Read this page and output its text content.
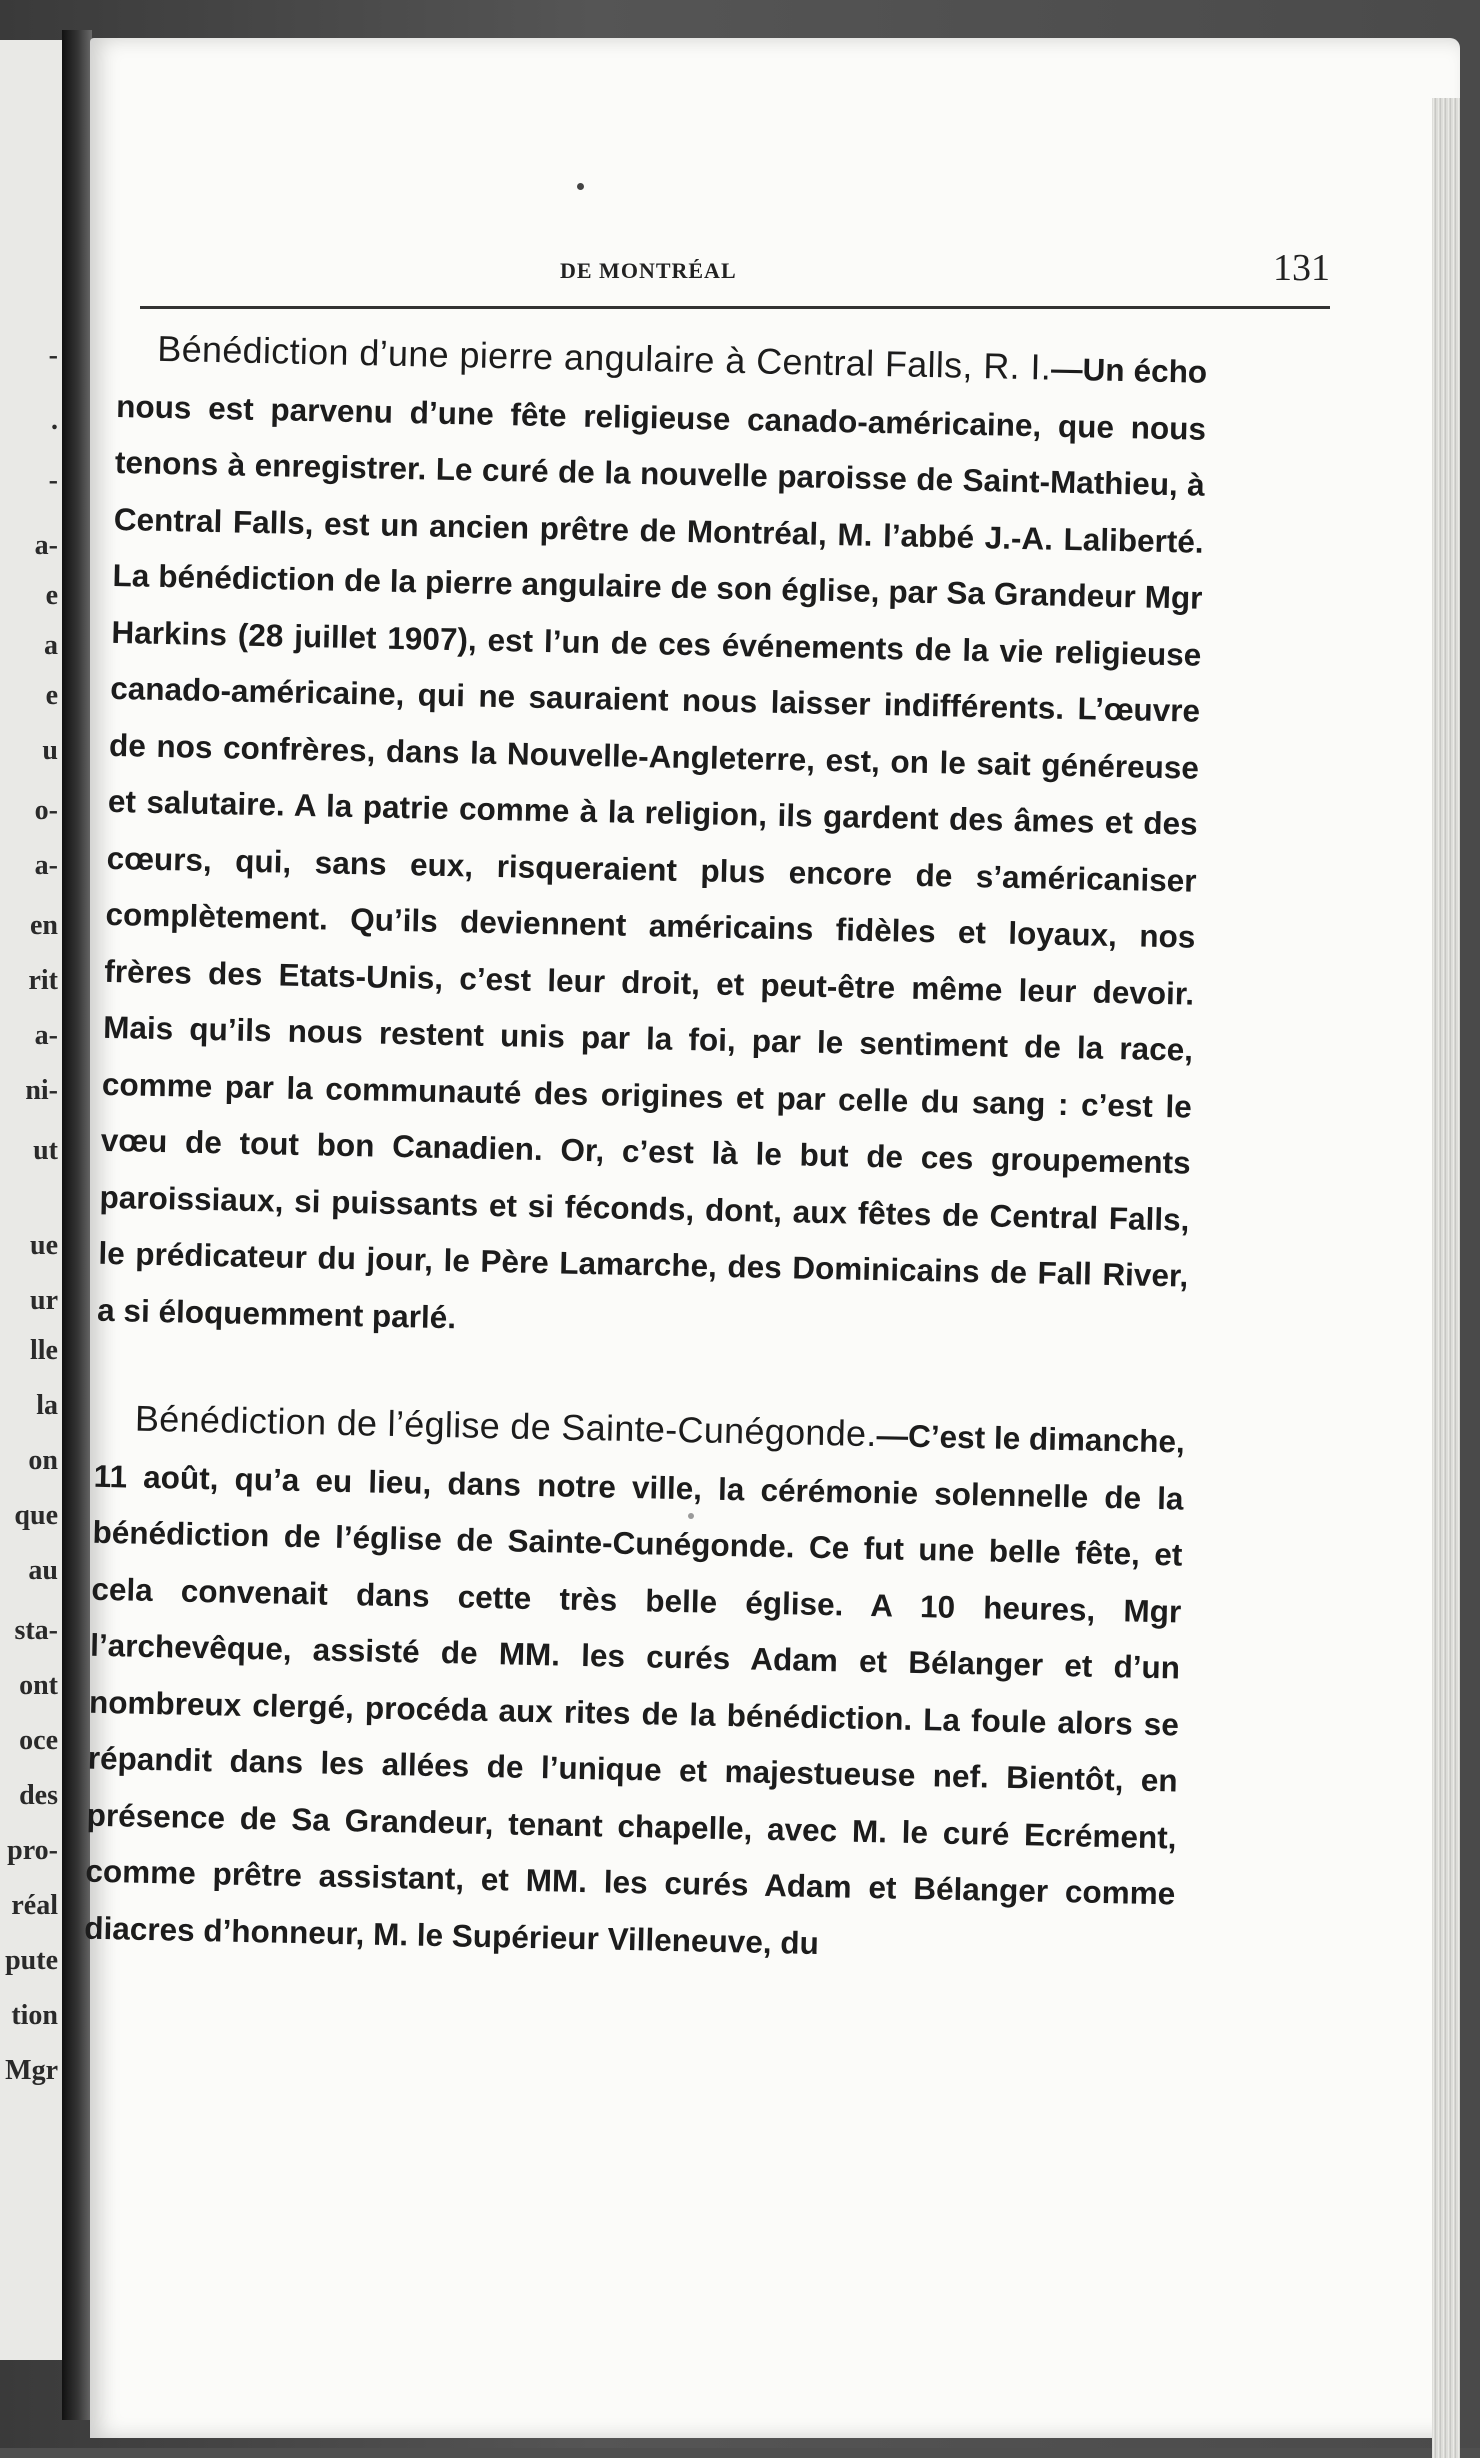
-
.
-
a-
e
a
e
u
o-
a-
en
rit
a-
ni-
ut
ue
ur
lle
la
on
que
au
sta-
ont
oce
des
pro-
réal
pute
tion
Mgr
DE MONTRÉAL	131

Bénédiction d’une pierre angulaire à Central Falls, R. I.—Un écho nous est parvenu d’une fête religieuse canado-américaine, que nous tenons à enregistrer. Le curé de la nouvelle paroisse de Saint-Mathieu, à Central Falls, est un ancien prêtre de Montréal, M. l’abbé J.-A. Laliberté. La bénédiction de la pierre angulaire de son église, par Sa Grandeur Mgr Harkins (28 juillet 1907), est l’un de ces événements de la vie religieuse canado-américaine, qui ne sauraient nous laisser indifférents. L’œuvre de nos confrères, dans la Nouvelle-Angleterre, est, on le sait généreuse et salutaire. A la patrie comme à la religion, ils gardent des âmes et des cœurs, qui, sans eux, risqueraient plus encore de s’américaniser complètement. Qu’ils deviennent américains fidèles et loyaux, nos frères des Etats-Unis, c’est leur droit, et peut-être même leur devoir. Mais qu’ils nous restent unis par la foi, par le sentiment de la race, comme par la communauté des origines et par celle du sang : c’est le vœu de tout bon Canadien. Or, c’est là le but de ces groupements paroissiaux, si puissants et si féconds, dont, aux fêtes de Central Falls, le prédicateur du jour, le Père Lamarche, des Dominicains de Fall River, a si éloquemment parlé.

Bénédiction de l’église de Sainte-Cunégonde.—C’est le dimanche, 11 août, qu’a eu lieu, dans notre ville, la cérémonie solennelle de la bénédiction de l’église de Sainte-Cunégonde. Ce fut une belle fête, et cela convenait dans cette très belle église. A 10 heures, Mgr l’archevêque, assisté de MM. les curés Adam et Bélanger et d’un nombreux clergé, procéda aux rites de la bénédiction. La foule alors se répandit dans les allées de l’unique et majestueuse nef. Bientôt, en présence de Sa Grandeur, tenant chapelle, avec M. le curé Ecrément, comme prêtre assistant, et MM. les curés Adam et Bélanger comme diacres d’honneur, M. le Supérieur Villeneuve, du
